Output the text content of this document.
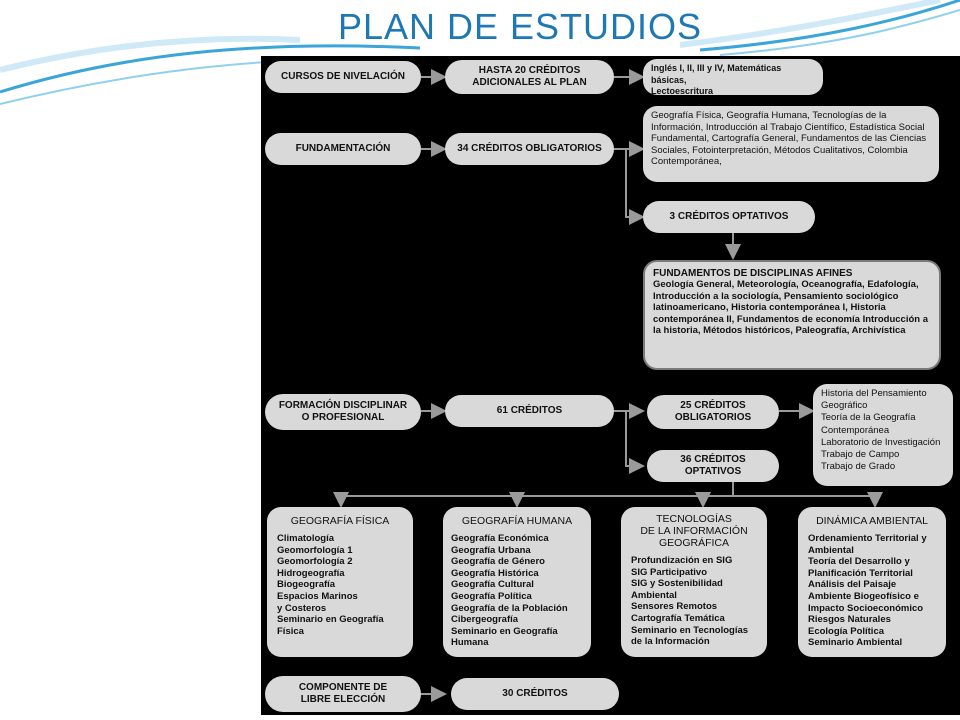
PLAN DE ESTUDIOS
CURSOS DE NIVELACIÓN
HASTA 20 CRÉDITOS
ADICIONALES AL PLAN
Inglés I, II, III y IV, Matemáticas básicas,
Lectoescritura
FUNDAMENTACIÓN	34 CRÉDITOS OBLIGATORIOS
Geografía Física, Geografía Humana, Tecnologías de la Información, Introducción al Trabajo Científico, Estadística Social Fundamental, Cartografía General, Fundamentos de las Ciencias Sociales, Fotointerpretación, Métodos Cualitativos, Colombia Contemporánea,
3 CRÉDITOS OPTATIVOS
FUNDAMENTOS DE DISCIPLINAS AFINES
Geología General, Meteorología, Oceanografía, Edafología, Introducción a la sociología, Pensamiento sociológico latinoamericano, Historia contemporánea I, Historia contemporánea II, Fundamentos de economía Introducción a la historia, Métodos históricos, Paleografía, Archivística
FORMACIÓN DISCIPLINAR
O PROFESIONAL
61 CRÉDITOS	25 CRÉDITOS
OBLIGATORIOS
36 CRÉDITOS
OPTATIVOS
Historia del Pensamiento
Geográfico
Teoría de la Geografía
Contemporánea
Laboratorio de Investigación
Trabajo de Campo
Trabajo de Grado
GEOGRAFÍA FÍSICA
Climatología
Geomorfología 1
Geomorfología 2
Hidrogeografía
Biogeografía
Espacios Marinos
y Costeros
Seminario en Geografía
Física
GEOGRAFÍA HUMANA
Geografía Económica
Geografía Urbana
Geografía de Género
Geografía Histórica
Geografía Cultural
Geografía Política
Geografía de la Población
Cibergeografía
Seminario en Geografía
Humana
TECNOLOGÍAS
DE LA INFORMACIÓN
GEOGRÁFICA
Profundización en SIG
SIG Participativo
SIG y Sostenibilidad
Ambiental
Sensores Remotos
Cartografía Temática
Seminario en Tecnologías
de la Información
DINÁMICA AMBIENTAL
Ordenamiento Territorial y
Ambiental
Teoría del Desarrollo y
Planificación Territorial
Análisis del Paisaje
Ambiente Biogeofísico e
Impacto Socioeconómico
Riesgos Naturales
Ecología Política
Seminario Ambiental
COMPONENTE DE
LIBRE ELECCIÓN
30 CRÉDITOS
